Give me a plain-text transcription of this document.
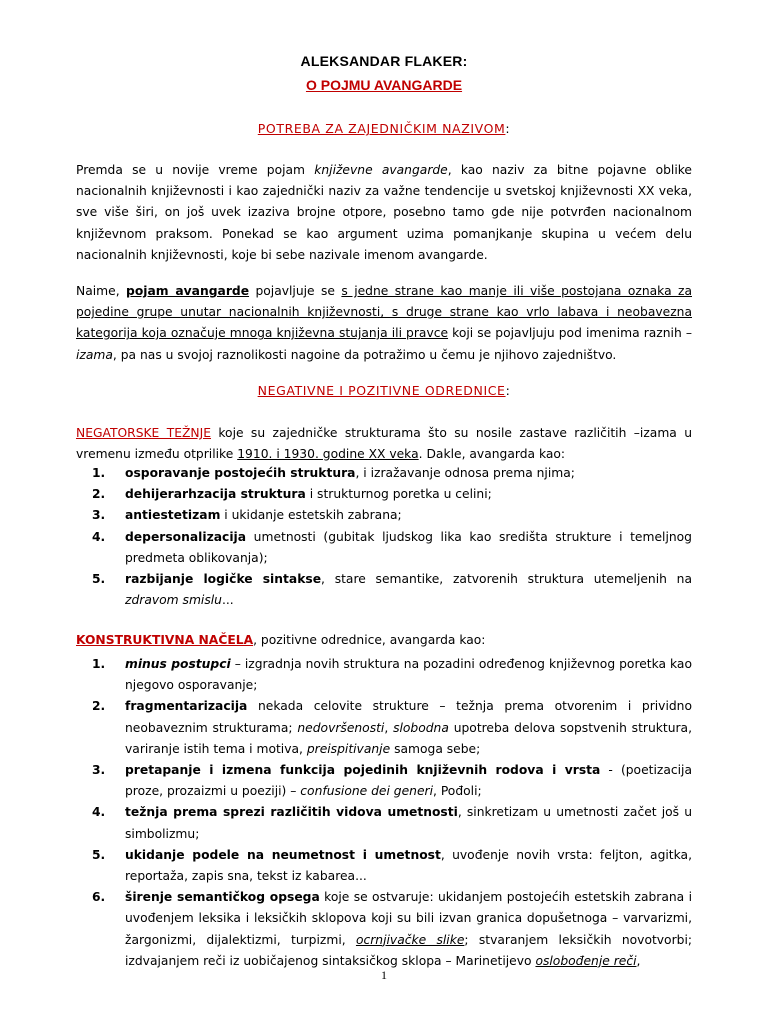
ALEKSANDAR FLAKER:
O POJMU AVANGARDE
POTREBA ZA ZAJEDNIČKIM NAZIVOM:
Premda se u novije vreme pojam književne avangarde, kao naziv za bitne pojavne oblike nacionalnih književnosti i kao zajednički naziv za važne tendencije u svetskoj književnosti XX veka, sve više širi, on još uvek izaziva brojne otpore, posebno tamo gde nije potvrđen nacionalnom književnom praksom. Ponekad se kao argument uzima pomanjkanje skupina u većem delu nacionalnih književnosti, koje bi sebe nazivale imenom avangarde.
Naime, pojam avangarde pojavljuje se s jedne strane kao manje ili više postojana oznaka za pojedine grupe unutar nacionalnih književnosti, s druge strane kao vrlo labava i neobavezna kategorija koja označuje mnoga književna stujanja ili pravce koji se pojavljuju pod imenima raznih –izama, pa nas u svojoj raznolikosti nagoine da potražimo u čemu je njihovo zajedništvo.
NEGATIVNE I POZITIVNE ODREDNICE:
NEGATORSKE TEŽNJE koje su zajedničke strukturama što su nosile zastave različitih –izama u vremenu između otprilike 1910. i 1930. godine XX veka. Dakle, avangarda kao:
1. osporavanje postojećih struktura, i izražavanje odnosa prema njima;
2. dehijerarhzacija struktura i strukturnog poretka u celini;
3. antiestetizam i ukidanje estetskih zabrana;
4. depersonalizacija umetnosti (gubitak ljudskog lika kao središta strukture i temeljnog predmeta oblikovanja);
5. razbijanje logičke sintakse, stare semantike, zatvorenih struktura utemeljenih na zdravom smislu...
KONSTRUKTIVNA NAČELA, pozitivne odrednice, avangarda kao:
1. minus postupci – izgradnja novih struktura na pozadini određenog književnog poretka kao njegovo osporavanje;
2. fragmentarizacija nekada celovite strukture – težnja prema otvorenim i prividno neobaveznim strukturama; nedovršenosti, slobodna upotreba delova sopstvenih struktura, variranje istih tema i motiva, preispitivanje samoga sebe;
3. pretapanje i izmena funkcija pojedinih književnih rodova i vrsta - (poetizacija proze, prozaizmi u poeziji) – confusione dei generi, Pođoli;
4. težnja prema sprezi različitih vidova umetnosti, sinkretizam u umetnosti začet još u simbolizmu;
5. ukidanje podele na neumetnost i umetnost, uvođenje novih vrsta: feljton, agitka, reportaža, zapis sna, tekst iz kabarea...
6. širenje semantičkog opsega koje se ostvaruje: ukidanjem postojećih estetskih zabrana i uvođenjem leksika i leksičkih sklopova koji su bili izvan granica dopušetnoga – varvarizmi, žargonizmi, dijalektizmi, turpizmi, ocrnjivačke slike; stvaranjem leksičkih novotvorbi; izdvajanjem reči iz uobičajenog sintaksičkog sklopa – Marinetijevo oslobođenje reči,
1
